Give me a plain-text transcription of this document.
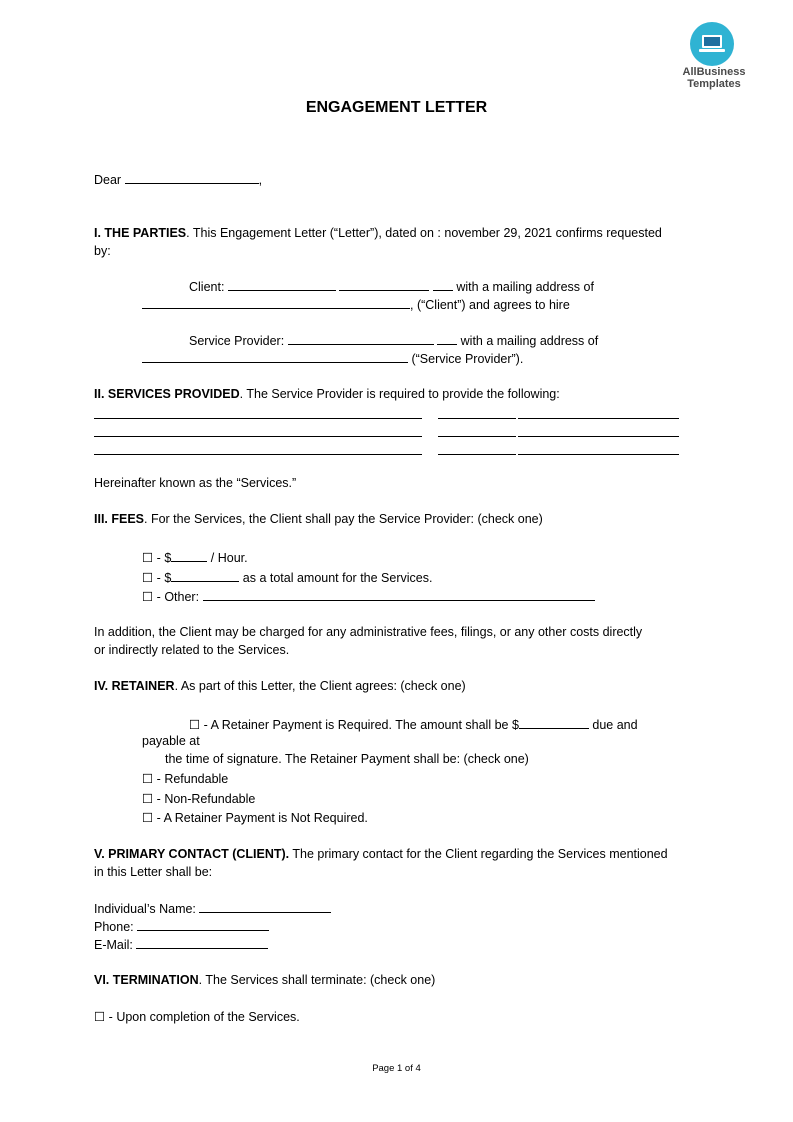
AllBusiness
Templates
ENGAGEMENT LETTER
Dear	,
I. THE PARTIES. This Engagement Letter (“Letter”), dated on : november 29, 2021 confirms requested
by:
Client:	with a mailing address of
, (“Client”) and agrees to hire
Service Provider:	with a mailing address of
(“Service Provider”).
II. SERVICES PROVIDED. The Service Provider is required to provide the following:
Hereinafter known as the “Services.”
III. FEES. For the Services, the Client shall pay the Service Provider: (check one)
☐ - $	/ Hour.
☐ - $	as a total amount for the Services.
☐ - Other:
In addition, the Client may be charged for any administrative fees, filings, or any other costs directly
or indirectly related to the Services.
IV. RETAINER. As part of this Letter, the Client agrees: (check one)
☐ - A Retainer Payment is Required. The amount shall be $	due and
payable at
the time of signature. The Retainer Payment shall be: (check one)
☐ - Refundable
☐ - Non-Refundable
☐ - A Retainer Payment is Not Required.
V. PRIMARY CONTACT (CLIENT). The primary contact for the Client regarding the Services mentioned
in this Letter shall be:
Individual’s Name:
Phone:
E-Mail:
VI. TERMINATION. The Services shall terminate: (check one)
☐ - Upon completion of the Services.
Page 1 of 4
